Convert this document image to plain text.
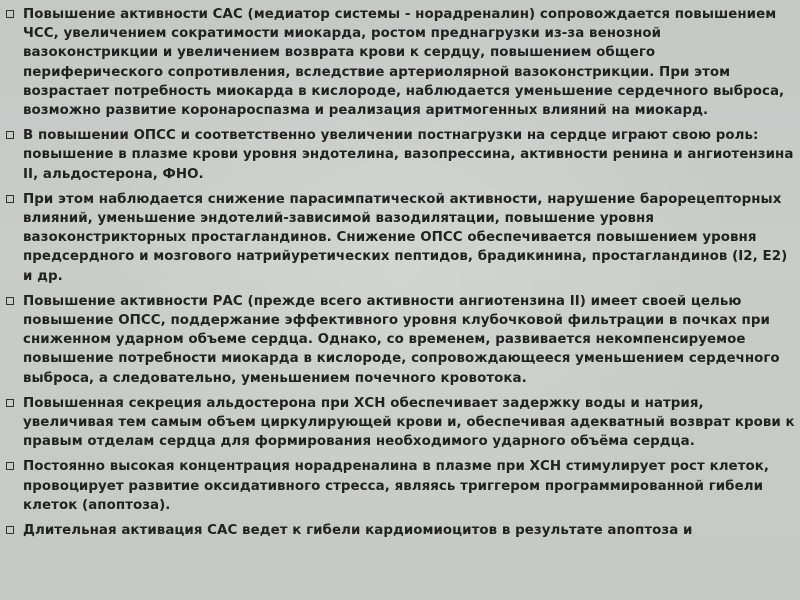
Повышение активности САС (медиатор системы - норадреналин) сопровождается повышением ЧСС, увеличением сократимости миокарда, ростом преднагрузки из-за венозной вазоконстрикции и увеличением возврата крови к сердцу, повышением общего периферического сопротивления, вследствие артериолярной вазоконстрикции. При этом возрастает потребность миокарда в кислороде, наблюдается уменьшение сердечного выброса, возможно развитие коронароспазма и реализация аритмогенных влияний на миокард.
В повышении ОПСС и соответственно увеличении постнагрузки на сердце играют свою роль: повышение в плазме крови уровня эндотелина, вазопрессина, активности ренина и ангиотензина II, альдостерона, ФНО.
При этом наблюдается снижение парасимпатической активности, нарушение барорецепторных влияний, уменьшение эндотелий-зависимой вазодилятации, повышение уровня вазоконстрикторных простагландинов. Снижение ОПСС обеспечивается повышением уровня предсердного и мозгового натрийуретических пептидов, брадикинина, простагландинов (I2, E2) и др.
Повышение активности РАС (прежде всего активности ангиотензина II) имеет своей целью повышение ОПСС, поддержание эффективного уровня клубочковой фильтрации в почках при сниженном ударном объеме сердца. Однако, со временем, развивается некомпенсируемое повышение потребности миокарда в кислороде, сопровождающееся уменьшением сердечного выброса, а следовательно, уменьшением почечного кровотока.
Повышенная секреция альдостерона при ХСН обеспечивает задержку воды и натрия, увеличивая тем самым объем циркулирующей крови и, обеспечивая адекватный возврат крови к правым отделам сердца для формирования необходимого ударного объёма сердца.
Постоянно высокая концентрация норадреналина в плазме при ХСН стимулирует рост клеток, провоцирует развитие оксидативного стресса, являясь триггером программированной гибели клеток (апоптоза).
Длительная активация САС ведет к гибели кардиомиоцитов в результате апоптоза и
